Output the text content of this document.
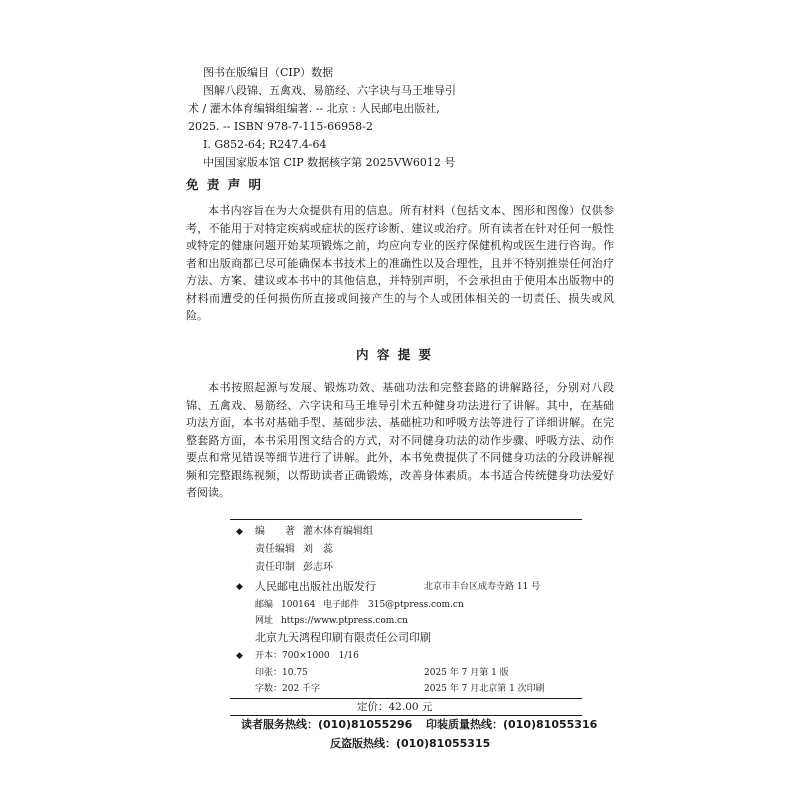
图书在版编目（CIP）数据
图解八段锦、五禽戏、易筋经、六字诀与马王堆导引
术 / 灌木体育编辑组编著. -- 北京 : 人民邮电出版社,
2025. -- ISBN 978-7-115-66958-2
Ⅰ. G852-64; R247.4-64
中国国家版本馆 CIP 数据核字第 2025VW6012 号
免 责 声 明

本书内容旨在为大众提供有用的信息。所有材料（包括文本、图形和图像）仅供参考，不能用于对特定疾病或症状的医疗诊断、建议或治疗。所有读者在针对任何一般性或特定的健康问题开始某项锻炼之前，均应向专业的医疗保健机构或医生进行咨询。作者和出版商都已尽可能确保本书技术上的准确性以及合理性，且并不特别推崇任何治疗方法、方案、建议或本书中的其他信息，并特别声明，不会承担由于使用本出版物中的材料而遭受的任何损伤所直接或间接产生的与个人或团体相关的一切责任、损失或风险。

内 容 提 要

本书按照起源与发展、锻炼功效、基础功法和完整套路的讲解路径，分别对八段锦、五禽戏、易筋经、六字诀和马王堆导引术五种健身功法进行了讲解。其中，在基础功法方面，本书对基础手型、基础步法、基础桩功和呼吸方法等进行了详细讲解。在完整套路方面，本书采用图文结合的方式，对不同健身功法的动作步骤、呼吸方法、动作要点和常见错误等细节进行了讲解。此外，本书免费提供了不同健身功法的分段讲解视频和完整跟练视频，以帮助读者正确锻炼，改善身体素质。本书适合传统健身功法爱好者阅读。

◆ 编　　著 灌木体育编辑组
责任编辑 刘　蕊
责任印制 彭志环
◆ 人民邮电出版社出版发行	北京市丰台区成寿寺路 11 号
邮编 100164 电子邮件 315@ptpress.com.cn
网址 https://www.ptpress.com.cn
北京九天鸿程印刷有限责任公司印刷
◆ 开本：700×1000　1/16
印张：10.75	2025 年 7 月第 1 版
字数：202 千字	2025 年 7 月北京第 1 次印刷
定价：42.00 元
读者服务热线：(010)81055296 印装质量热线：(010)81055316
反盗版热线：(010)81055315
